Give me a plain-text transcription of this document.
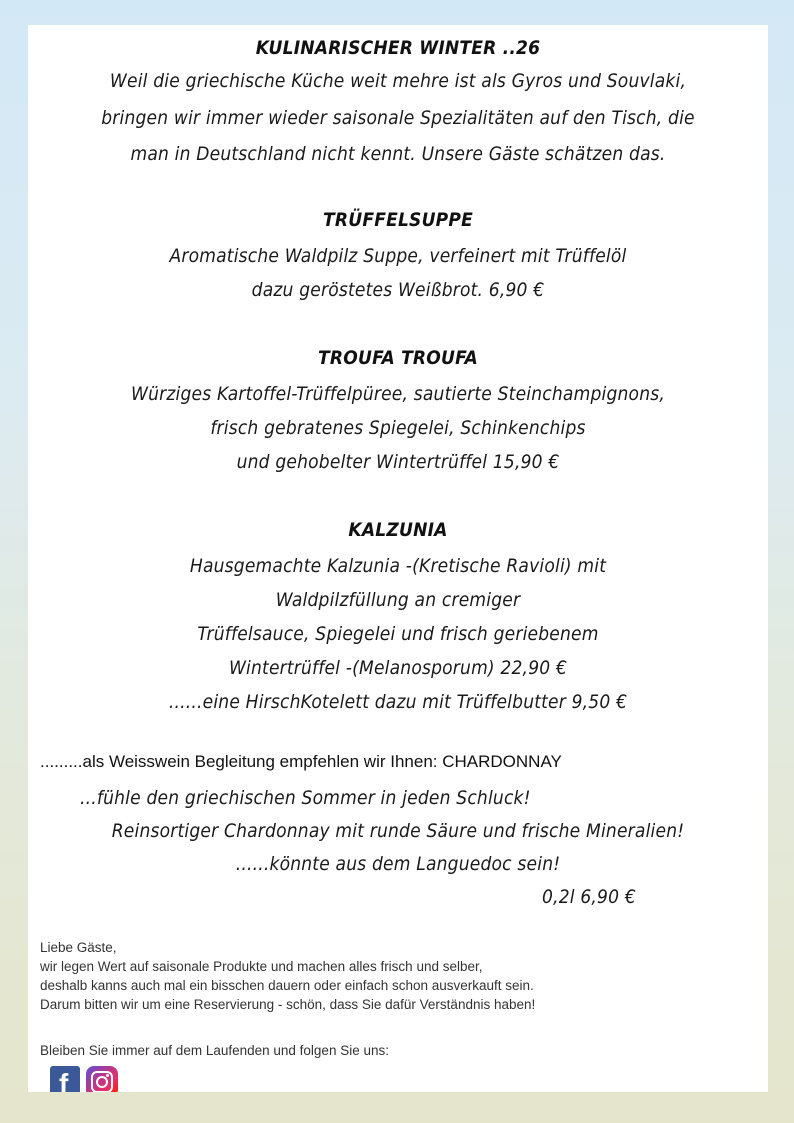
KULINARISCHER WINTER ..26
Weil die griechische Küche weit mehre ist als Gyros und Souvlaki,
bringen wir immer wieder saisonale Spezialitäten auf den Tisch, die
man in Deutschland nicht kennt. Unsere Gäste schätzen das.
TRÜFFELSUPPE
Aromatische Waldpilz Suppe, verfeinert mit Trüffelöl
dazu geröstetes Weißbrot. 6,90 €
TROUFA TROUFA
Würziges Kartoffel-Trüffelpüree, sautierte Steinchampignons,
frisch gebratenes Spiegelei, Schinkenchips
und gehobelter Wintertrüffel 15,90 €
KALZUNIA
Hausgemachte Kalzunia -(Kretische Ravioli) mit
Waldpilzfüllung an cremiger
Trüffelsauce, Spiegelei und frisch geriebenem
Wintertrüffel -(Melanosporum) 22,90 €
......eine HirschKotelett dazu mit Trüffelbutter 9,50 €
.........als Weisswein Begleitung empfehlen wir Ihnen: CHARDONNAY
...fühle den griechischen Sommer in jeden Schluck!
Reinsortiger Chardonnay mit runde Säure und frische Mineralien!
......könnte aus dem Languedoc sein!
0,2l 6,90 €

Liebe Gäste,

wir legen Wert auf saisonale Produkte und machen alles frisch und selber,

deshalb kanns auch mal ein bisschen dauern oder einfach schon ausverkauft sein.

Darum bitten wir um eine Reservierung - schön, dass Sie dafür Verständnis haben!

Bleiben Sie immer auf dem Laufenden und folgen Sie uns:
f
